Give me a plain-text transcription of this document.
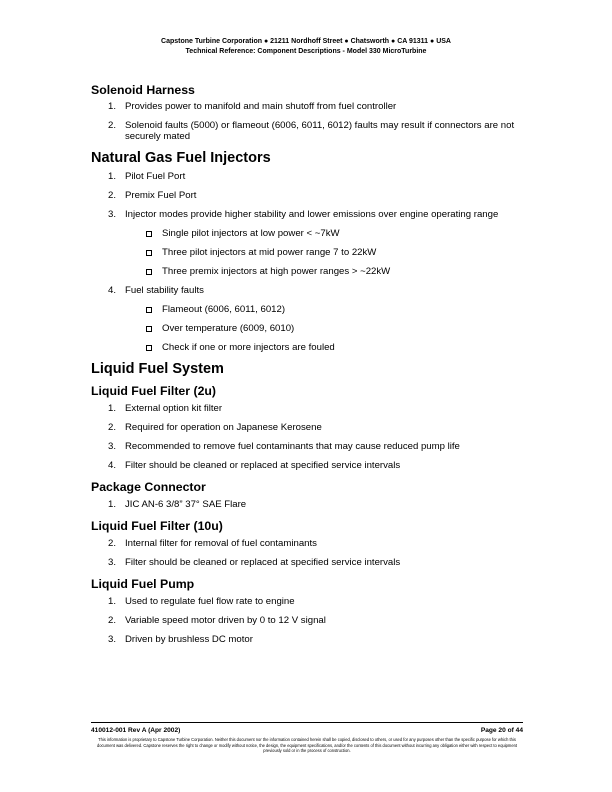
Capstone Turbine Corporation ● 21211 Nordhoff Street ● Chatsworth ● CA 91311 ● USA
Technical Reference: Component Descriptions - Model 330 MicroTurbine
Solenoid Harness
1. Provides power to manifold and main shutoff from fuel controller
2. Solenoid faults (5000) or flameout (6006, 6011, 6012) faults may result if connectors are not securely mated
Natural Gas Fuel Injectors
1. Pilot Fuel Port
2. Premix Fuel Port
3. Injector modes provide higher stability and lower emissions over engine operating range
Single pilot injectors at low power < ~7kW
Three pilot injectors at mid power range 7 to 22kW
Three premix injectors at high power ranges > ~22kW
4. Fuel stability faults
Flameout (6006, 6011, 6012)
Over temperature (6009, 6010)
Check if one or more injectors are fouled
Liquid Fuel System
Liquid Fuel Filter (2u)
1. External option kit filter
2. Required for operation on Japanese Kerosene
3. Recommended to remove fuel contaminants that may cause reduced pump life
4. Filter should be cleaned or replaced at specified service intervals
Package Connector
1. JIC AN-6 3/8” 37° SAE Flare
Liquid Fuel Filter (10u)
2. Internal filter for removal of fuel contaminants
3. Filter should be cleaned or replaced at specified service intervals
Liquid Fuel Pump
1. Used to regulate fuel flow rate to engine
2. Variable speed motor driven by 0 to 12 V signal
3. Driven by brushless DC motor
410012-001 Rev A (Apr 2002)	Page 20 of 44
This information is proprietary to Capstone Turbine Corporation. Neither this document nor the information contained herein shall be copied, disclosed to others, or used for any purposes other than the specific purpose for which this document was delivered. Capstone reserves the right to change or modify without notice, the design, the equipment specifications, and/or the contents of this document without incurring any obligation either with respect to equipment previously sold or in the process of construction.
